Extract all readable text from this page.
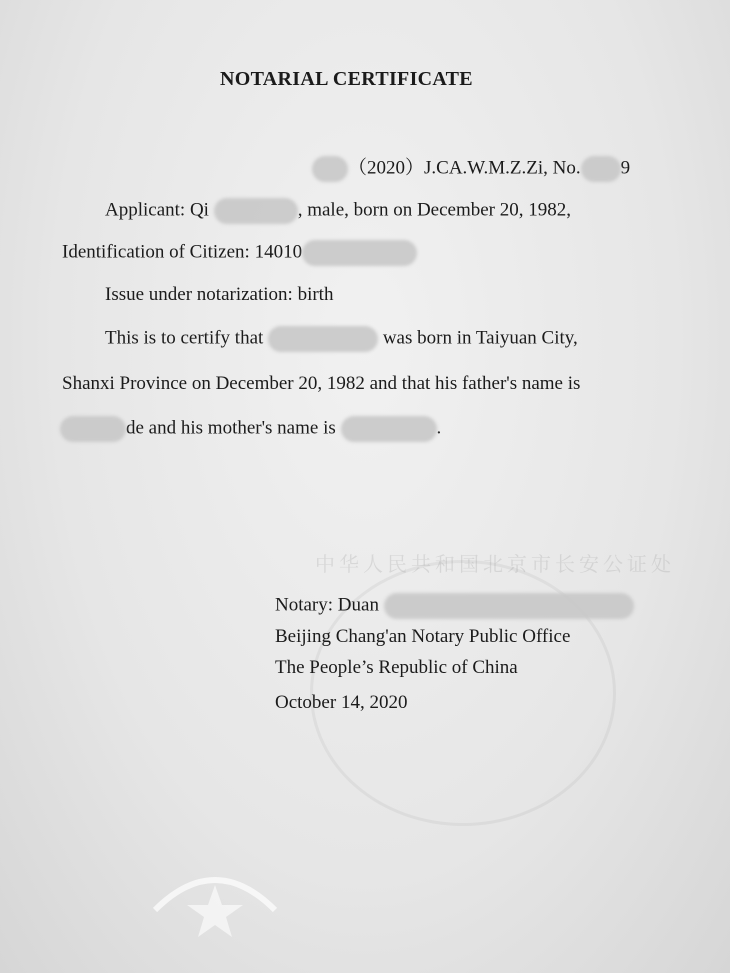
中华人民共和国北京市长安公证处
NOTARIAL CERTIFICATE
（2020）J.CA.W.M.Z.Zi, No. 9
Applicant: Qi	, male, born on December 20, 1982,
Identification of Citizen: 14010
Issue under notarization: birth
This is to certify that	was born in Taiyuan City,
Shanxi Province on December 20, 1982 and that his father's name is
de and his mother's name is	.
Notary: Duan
Beijing Chang'an Notary Public Office
The People’s Republic of China
October 14, 2020
